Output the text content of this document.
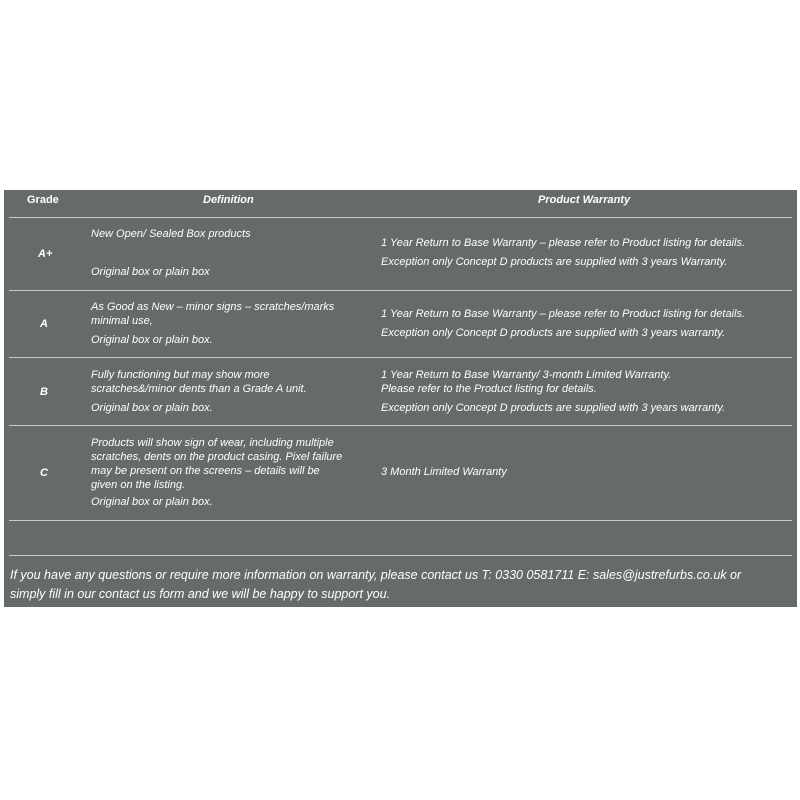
Grade	Definition	Product Warranty
A+
New Open/ Sealed Box products
Original box or plain box
1 Year Return to Base Warranty – please refer to Product listing for details.
Exception only Concept D products are supplied with 3 years Warranty.
A
As Good as New – minor signs – scratches/marks
minimal use,
Original box or plain box.
1 Year Return to Base Warranty – please refer to Product listing for details.
Exception only Concept D products are supplied with 3 years warranty.
B
Fully functioning but may show more
scratches&/minor dents than a Grade A unit.
Original box or plain box.
1 Year Return to Base Warranty/ 3-month Limited Warranty.
Please refer to the Product listing for details.
Exception only Concept D products are supplied with 3 years warranty.
C
Products will show sign of wear, including multiple
scratches, dents on the product casing. Pixel failure
may be present on the screens – details will be
given on the listing.
Original box or plain box.
3 Month Limited Warranty
If you have any questions or require more information on warranty, please contact us T: 0330 0581711 E: sales@justrefurbs.co.uk or
simply fill in our contact us form and we will be happy to support you.
